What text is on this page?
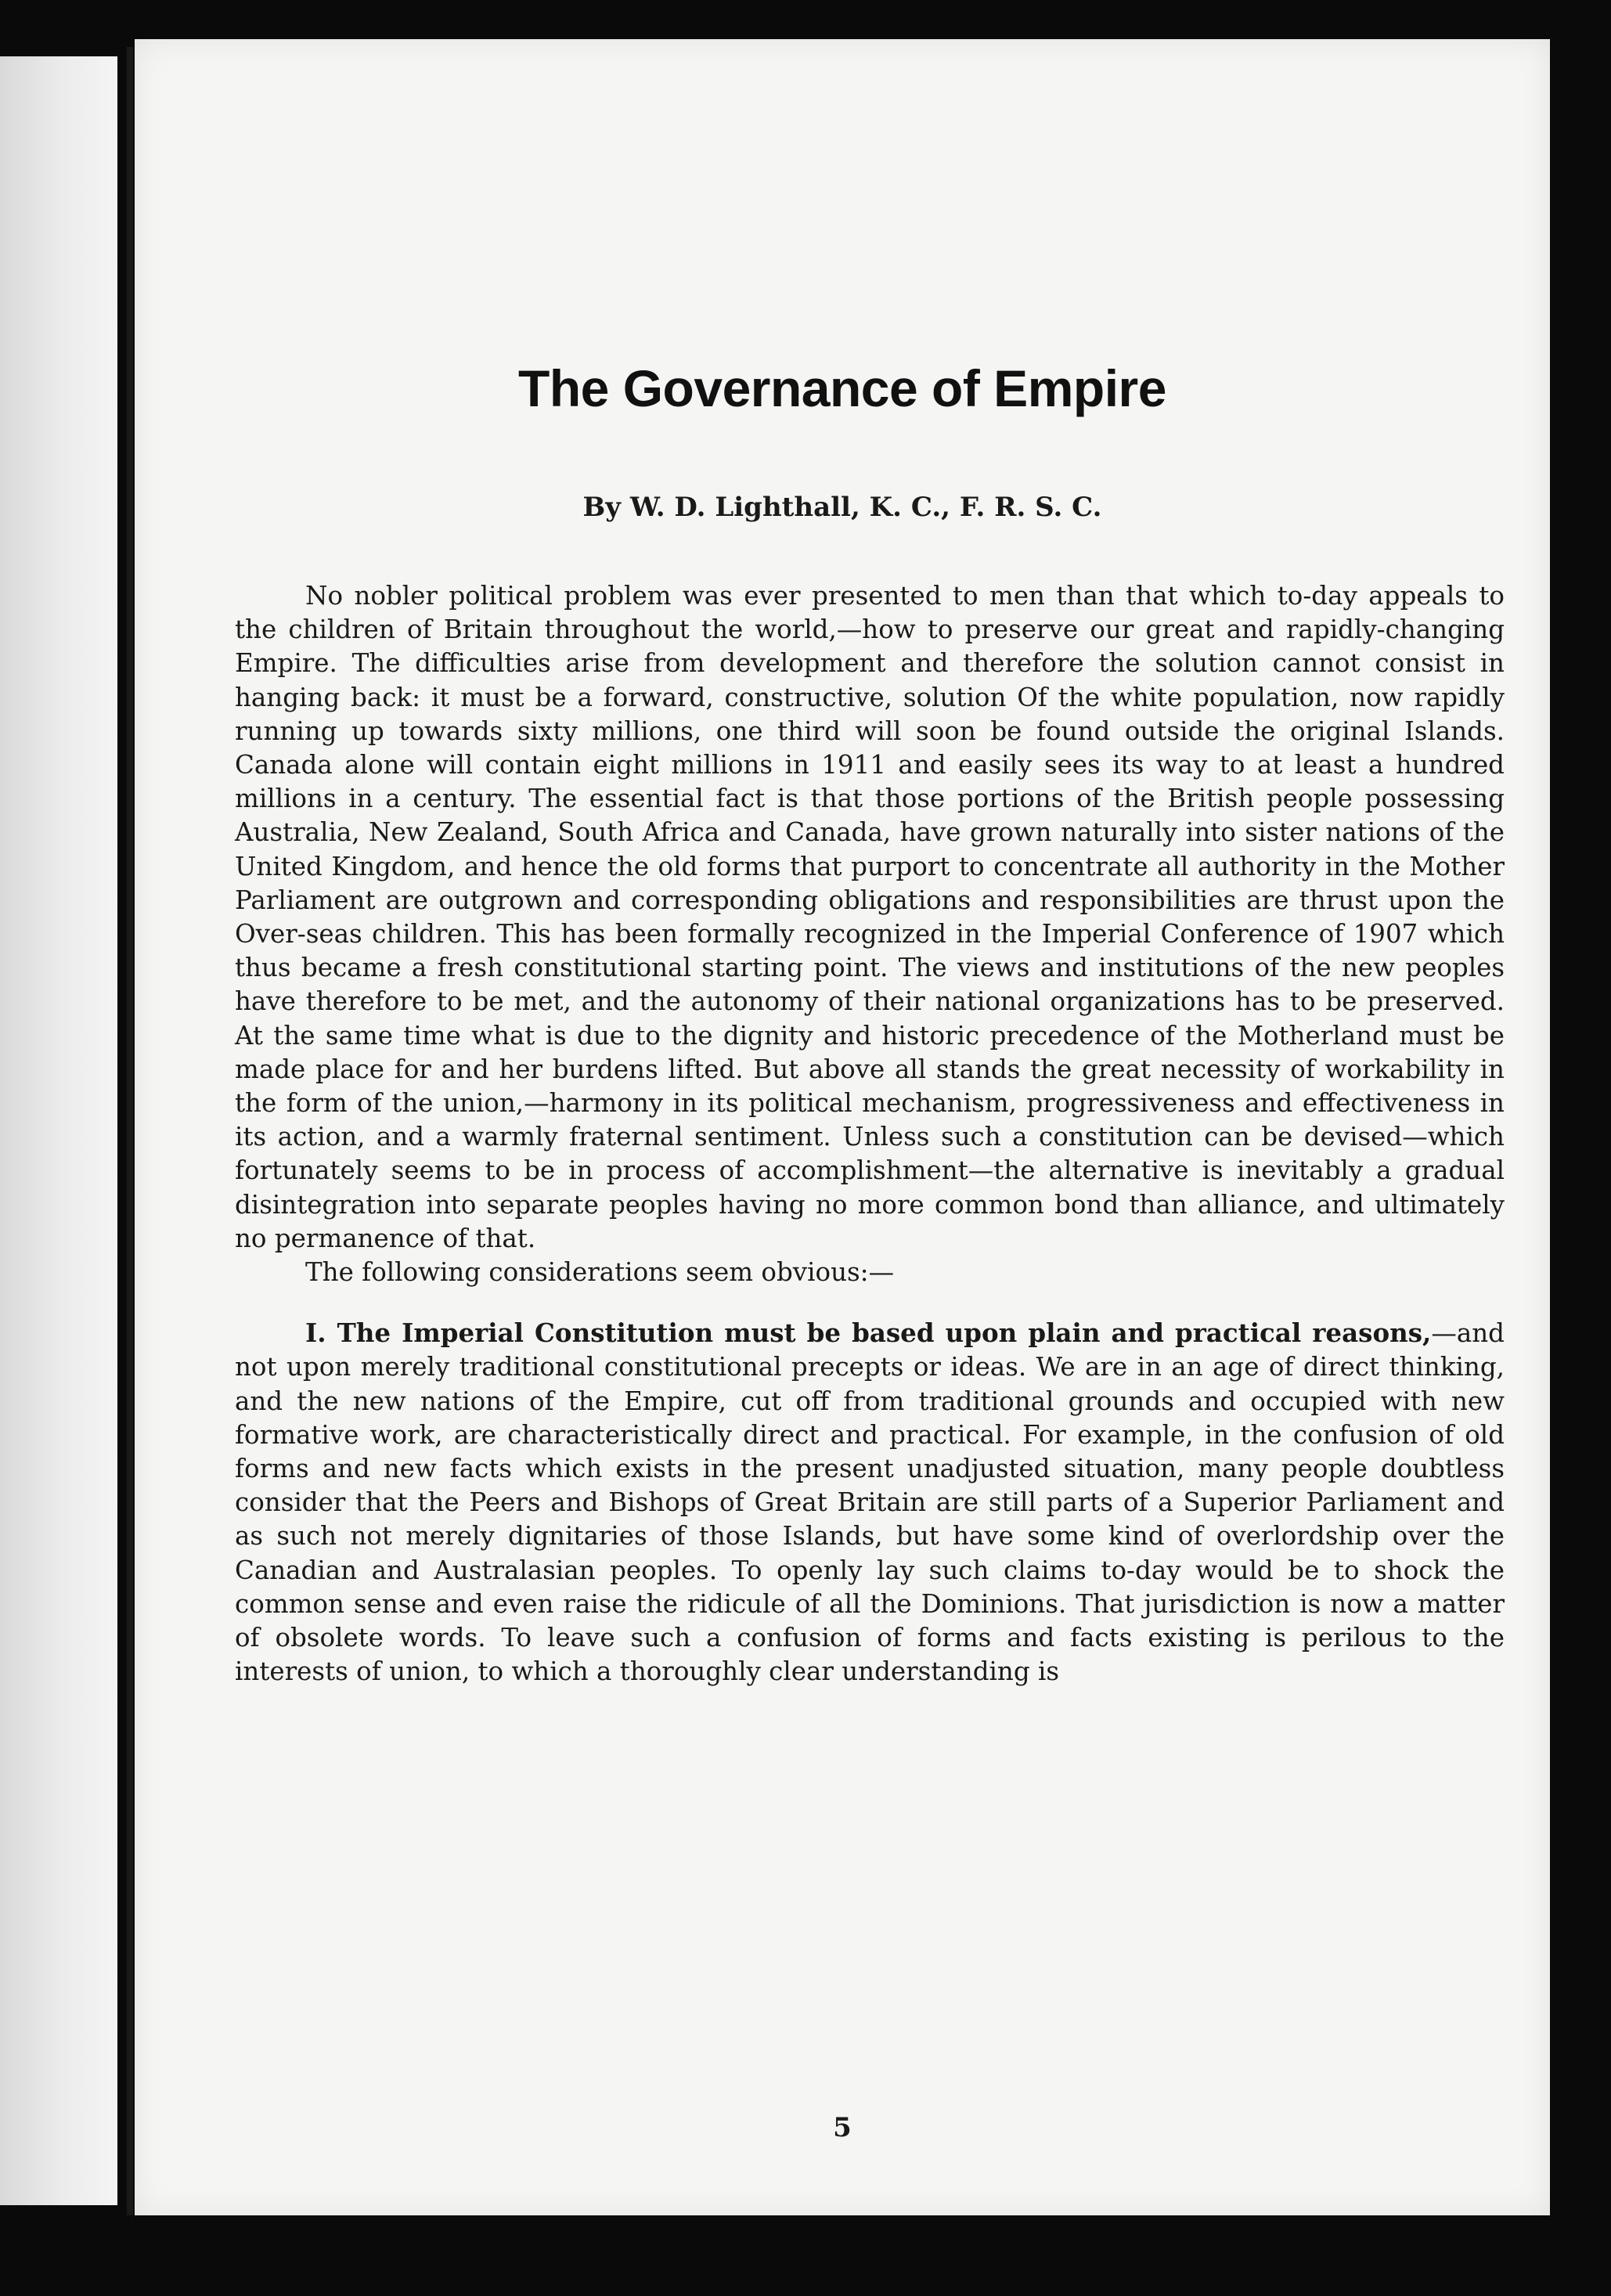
The Governance of Empire
By W. D. Lighthall, K. C., F. R. S. C.

No nobler political problem was ever presented to men than that which to-day appeals to the children of Britain throughout the world,—how to preserve our great and rapidly-changing Empire. The difficulties arise from development and therefore the solution cannot consist in hanging back: it must be a forward, constructive, solution Of the white population, now rapidly running up towards sixty millions, one third will soon be found outside the original Islands. Canada alone will contain eight millions in 1911 and easily sees its way to at least a hundred millions in a century. The essential fact is that those portions of the British people possessing Australia, New Zealand, South Africa and Canada, have grown naturally into sister nations of the United Kingdom, and hence the old forms that purport to concentrate all authority in the Mother Parliament are outgrown and corresponding obligations and responsibilities are thrust upon the Over-seas children. This has been formally recognized in the Imperial Conference of 1907 which thus became a fresh constitutional starting point. The views and institutions of the new peoples have therefore to be met, and the autonomy of their national organizations has to be preserved. At the same time what is due to the dignity and historic precedence of the Motherland must be made place for and her burdens lifted. But above all stands the great necessity of workability in the form of the union,—harmony in its political mechanism, progressiveness and effectiveness in its action, and a warmly fraternal sentiment. Unless such a constitution can be devised—which fortunately seems to be in process of accomplishment—the alternative is inevitably a gradual disintegration into separate peoples having no more common bond than alliance, and ultimately no permanence of that.

The following considerations seem obvious:—

I. The Imperial Constitution must be based upon plain and practical reasons,—and not upon merely traditional constitutional precepts or ideas. We are in an age of direct thinking, and the new nations of the Empire, cut off from traditional grounds and occupied with new formative work, are characteristically direct and practical. For example, in the confusion of old forms and new facts which exists in the present unadjusted situation, many people doubtless consider that the Peers and Bishops of Great Britain are still parts of a Superior Parliament and as such not merely dignitaries of those Islands, but have some kind of overlordship over the Canadian and Australasian peoples. To openly lay such claims to-day would be to shock the common sense and even raise the ridicule of all the Dominions. That jurisdiction is now a matter of obsolete words. To leave such a confusion of forms and facts existing is perilous to the interests of union, to which a thoroughly clear understanding is

5
